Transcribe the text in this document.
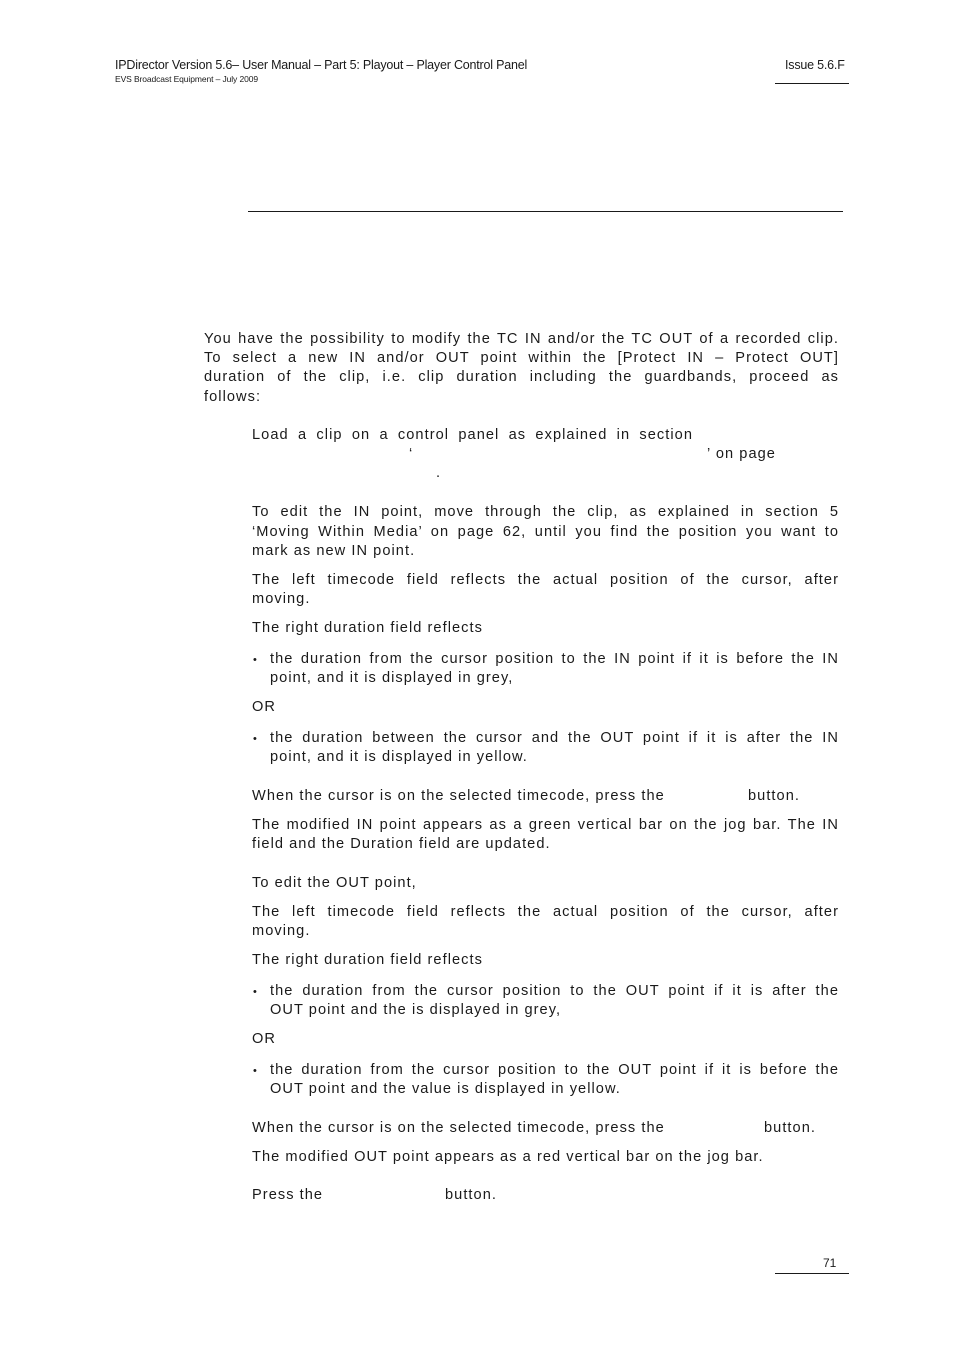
IPDirector Version 5.6– User Manual – Part 5: Playout – Player Control Panel
EVS Broadcast Equipment – July 2009
Issue 5.6.F
You have the possibility to modify the TC IN and/or the TC OUT of a recorded clip.
To select a new IN and/or OUT point within the [Protect IN – Protect OUT]
duration of the clip, i.e. clip duration including the guardbands, proceed as
follows:
Load a clip on a control panel as explained in section
‘	’ on page
.
To edit the IN point, move through the clip, as explained in section 5
‘Moving Within Media’ on page 62, until you find the position you want to
mark as new IN point.
The left timecode field reflects the actual position of the cursor, after
moving.
The right duration field reflects
• the duration from the cursor position to the IN point if it is before the IN
point, and it is displayed in grey,
OR
• the duration between the cursor and the OUT point if it is after the IN
point, and it is displayed in yellow.
When the cursor is on the selected timecode, press the	button.
The modified IN point appears as a green vertical bar on the jog bar. The IN
field and the Duration field are updated.
To edit the OUT point,
The left timecode field reflects the actual position of the cursor, after
moving.
The right duration field reflects
• the duration from the cursor position to the OUT point if it is after the
OUT point and the is displayed in grey,
OR
• the duration from the cursor position to the OUT point if it is before the
OUT point and the value is displayed in yellow.
When the cursor is on the selected timecode, press the	button.
The modified OUT point appears as a red vertical bar on the jog bar.
Press the	button.
71
